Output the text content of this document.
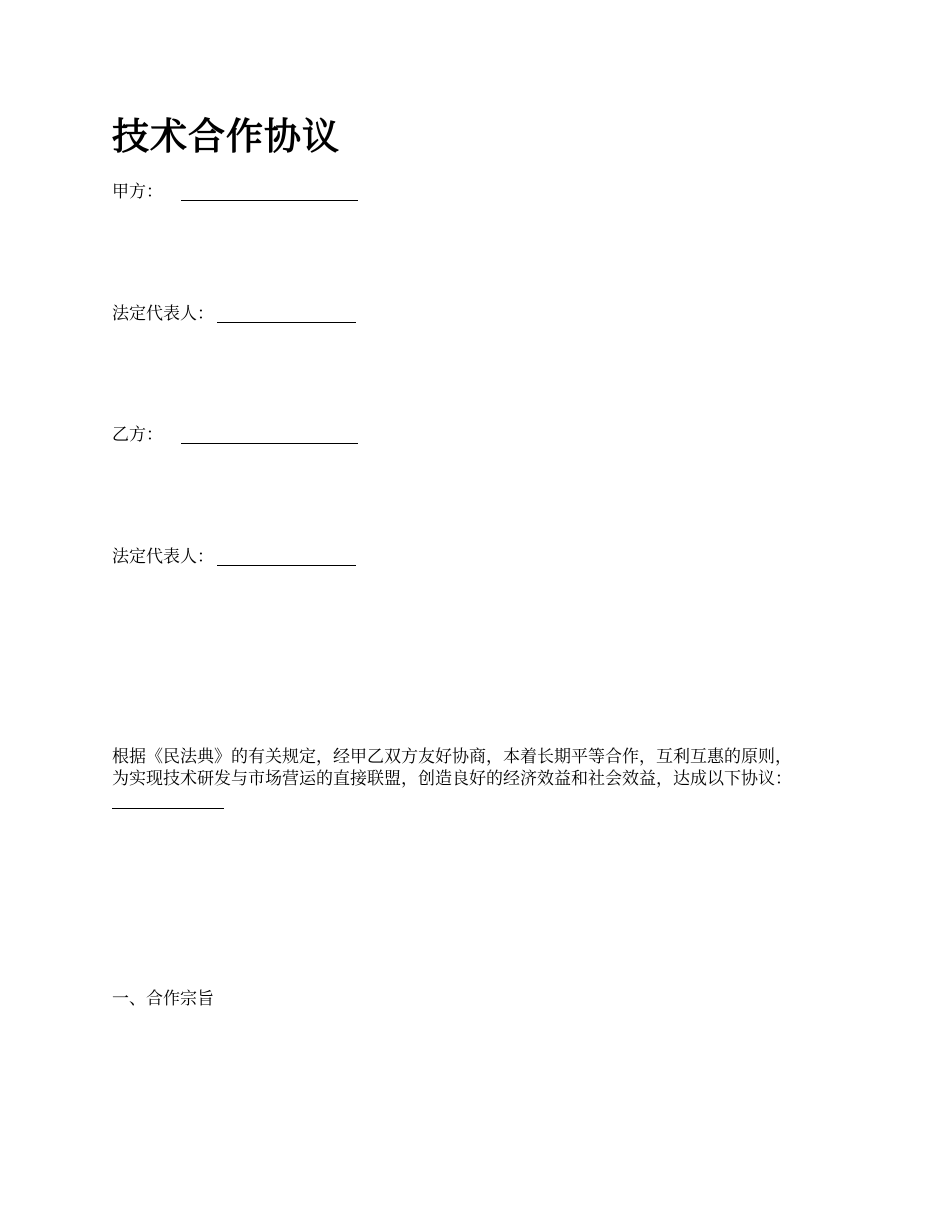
技术合作协议
甲方：
法定代表人：
乙方：
法定代表人：

根据《民法典》的有关规定，经甲乙双方友好协商，本着长期平等合作，互利互惠的原则，
为实现技术研发与市场营运的直接联盟，创造良好的经济效益和社会效益，达成以下协议：

一、合作宗旨
